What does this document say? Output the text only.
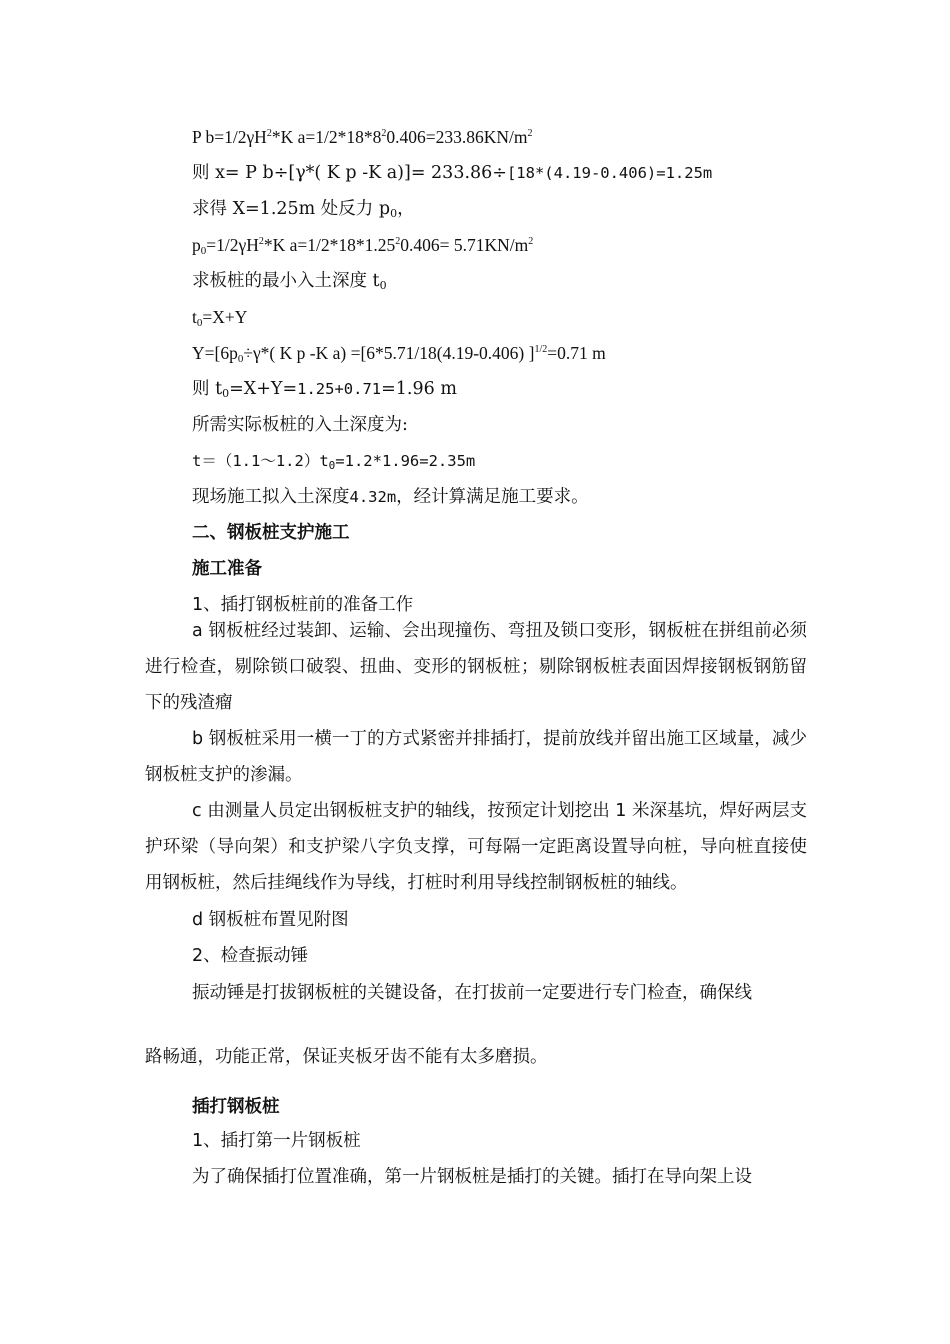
P $b=1/2\gamma H^2*K$ $a=1/2*18*8^20.406=233.86KN/m^2$
则 x= P b÷[γ*( K p -K a)]= 233.86÷[18*(4.19-0.406)=1.25m
求得 X=1.25m 处反力 $p_0$，
$p_0=1/2\gamma H^2*K$ $a=1/2*18*1.25^20.406= 5.71KN/m^2$
求板桩的最小入土深度 $t_0$
$t_0=X+Y$
$Y=[6p_0\div\gamma*$( K p -K a) =[6*5.71/18(4.19-0.406) ]$^{1/2}$=0.71 m
则 $t_0=X+Y=1.25+0.71=1.96$ m
所需实际板桩的入土深度为:
$t=(1.1\sim 1.2)t_0=1.2*1.96=2.35m$
现场施工拟入土深度4.32m，经计算满足施工要求。
二、钢板桩支护施工
施工准备
1、插打钢板桩前的准备工作
a 钢板桩经过装卸、运输、会出现撞伤、弯扭及锁口变形，钢板桩在拼组前必须进行检查，剔除锁口破裂、扭曲、变形的钢板桩；剔除钢板桩表面因焊接钢板钢筋留下的残渣瘤
b 钢板桩采用一横一丁的方式紧密并排插打，提前放线并留出施工区域量，减少钢板桩支护的渗漏。
c 由测量人员定出钢板桩支护的轴线，按预定计划挖出 1 米深基坑，焊好两层支护环梁（导向架）和支护梁八字负支撑，可每隔一定距离设置导向桩，导向桩直接使用钢板桩，然后挂绳线作为导线，打桩时利用导线控制钢板桩的轴线。
d 钢板桩布置见附图
2、检查振动锤
振动锤是打拔钢板桩的关键设备，在打拔前一定要进行专门检查，确保线
路畅通，功能正常，保证夹板牙齿不能有太多磨损。
插打钢板桩
1、插打第一片钢板桩
为了确保插打位置准确，第一片钢板桩是插打的关键。插打在导向架上设
